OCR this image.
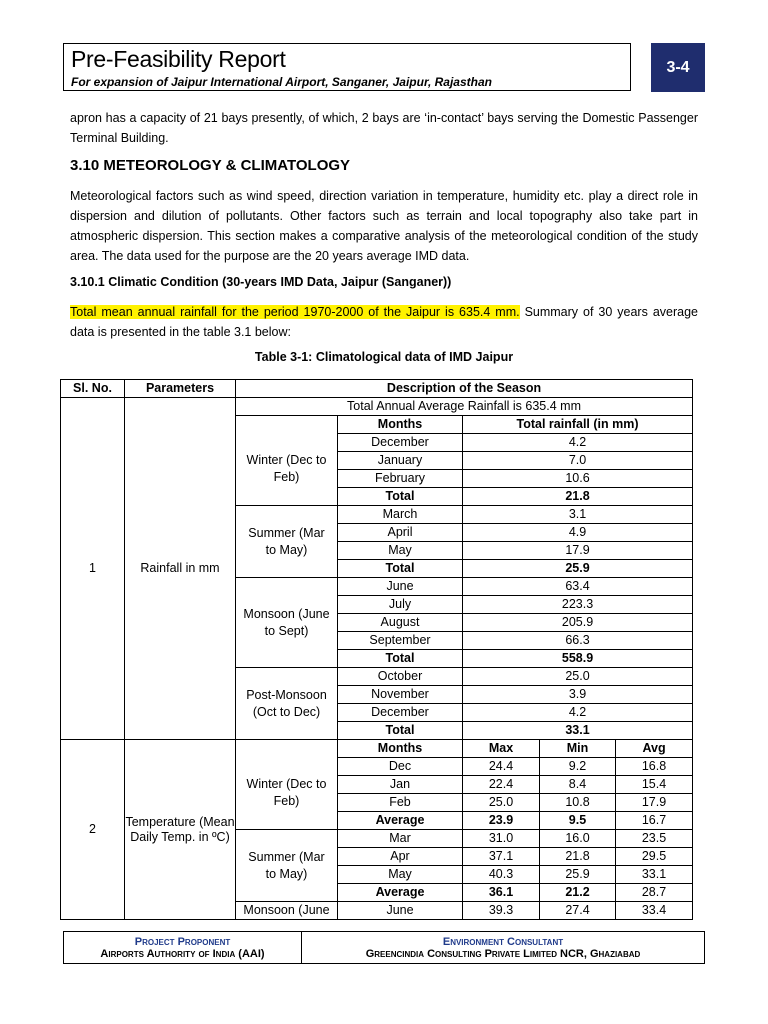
Pre-Feasibility Report
For expansion of Jaipur International Airport, Sanganer, Jaipur, Rajasthan
3-4
apron has a capacity of 21 bays presently, of which, 2 bays are ‘in-contact’ bays serving the Domestic Passenger Terminal Building.
3.10 METEOROLOGY & CLIMATOLOGY
Meteorological factors such as wind speed, direction variation in temperature, humidity etc. play a direct role in dispersion and dilution of pollutants. Other factors such as terrain and local topography also take part in atmospheric dispersion. This section makes a comparative analysis of the meteorological condition of the study area. The data used for the purpose are the 20 years average IMD data.
3.10.1 Climatic Condition (30-years IMD Data, Jaipur (Sanganer))
Total mean annual rainfall for the period 1970-2000 of the Jaipur is 635.4 mm. Summary of 30 years average data is presented in the table 3.1 below:
Table 3-1: Climatological data of IMD Jaipur
Sl. No.	Parameters	Description of the Season				
1	Rainfall in mm	Total Annual Average Rainfall is 635.4 mm				
			Months	Total rainfall (in mm)		
		Winter (Dec to Feb)	December	4.2		
			January	7.0		
			February	10.6		
			Total	21.8		
		Summer (Mar to May)	March	3.1		
			April	4.9		
			May	17.9		
			Total	25.9		
		Monsoon (June to Sept)	June	63.4		
			July	223.3		
			August	205.9		
			September	66.3		
			Total	558.9		
		Post-Monsoon (Oct to Dec)	October	25.0		
			November	3.9		
			December	4.2		
			Total	33.1		
2	Temperature (Mean Daily Temp. in ºC)		Months	Max	Min	Avg
		Winter (Dec to Feb)	Dec	24.4	9.2	16.8
			Jan	22.4	8.4	15.4
			Feb	25.0	10.8	17.9
			Average	23.9	9.5	16.7
		Summer (Mar to May)	Mar	31.0	16.0	23.5
			Apr	37.1	21.8	29.5
			May	40.3	25.9	33.1
			Average	36.1	21.2	28.7
		Monsoon (June	June	39.3	27.4	33.4
Project Proponent
Airports Authority of India (AAI)
Environment Consultant
Greencindia Consulting Private Limited NCR, Ghaziabad
